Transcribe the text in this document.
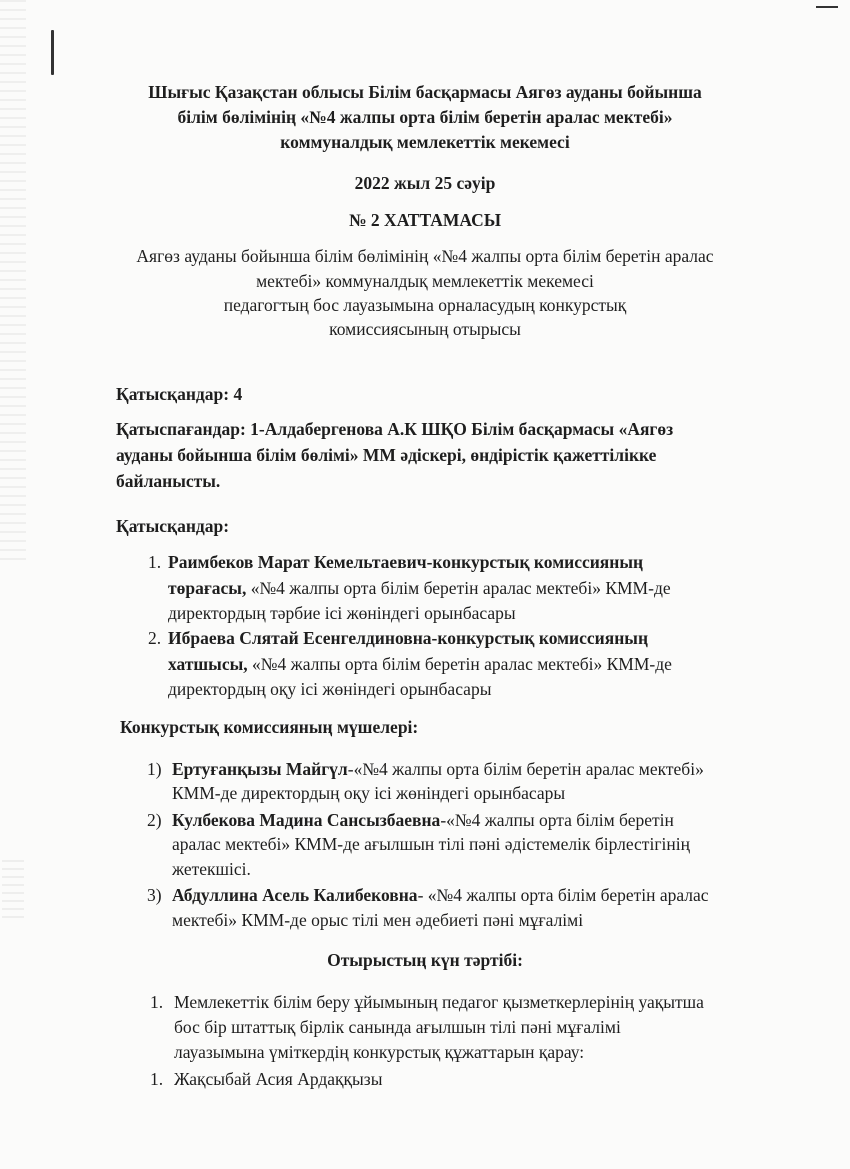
Шығыс Қазақстан облысы Білім басқармасы Аягөз ауданы бойынша
білім бөлімінің «№4 жалпы орта білім беретін аралас мектебі»
коммуналдық мемлекеттік мекемесі
2022 жыл 25 сәуір
№ 2 ХАТТАМАСЫ
Аягөз ауданы бойынша білім бөлімінің «№4 жалпы орта білім беретін аралас
мектебі» коммуналдық мемлекеттік мекемесі
педагогтың бос лауазымына орналасудың конкурстық
комиссиясының отырысы
Қатысқандар: 4
Қатыспағандар: 1-Алдабергенова А.К ШҚО Білім басқармасы «Аягөз
ауданы бойынша білім бөлімі» ММ әдіскері, өндірістік қажеттілікке
байланысты.
Қатысқандар:
1. Раимбеков Марат Кемельтаевич-конкурстық комиссияның
төрағасы, «№4 жалпы орта білім беретін аралас мектебі» КММ-де
директордың тәрбие ісі жөніндегі орынбасары
2. Ибраева Слятай Есенгелдиновна-конкурстық комиссияның
хатшысы, «№4 жалпы орта білім беретін аралас мектебі» КММ-де
директордың оқу ісі жөніндегі орынбасары
Конкурстық комиссияның мүшелері:
1) Ертуғанқызы Майгүл-«№4 жалпы орта білім беретін аралас мектебі»
КММ-де директордың оқу ісі жөніндегі орынбасары
2) Кулбекова Мадина Сансызбаевна-«№4 жалпы орта білім беретін
аралас мектебі» КММ-де ағылшын тілі пәні әдістемелік бірлестігінің
жетекшісі.
3) Абдуллина Асель Калибековна- «№4 жалпы орта білім беретін аралас
мектебі» КММ-де орыс тілі мен әдебиеті пәні мұғалімі
Отырыстың күн тәртібі:
1. Мемлекеттік білім беру ұйымының педагог қызметкерлерінің уақытша
бос бір штаттық бірлік санында ағылшын тілі пәні мұғалімі
лауазымына үміткердің конкурстық құжаттарын қарау:
1. Жақсыбай Асия Ардаққызы
